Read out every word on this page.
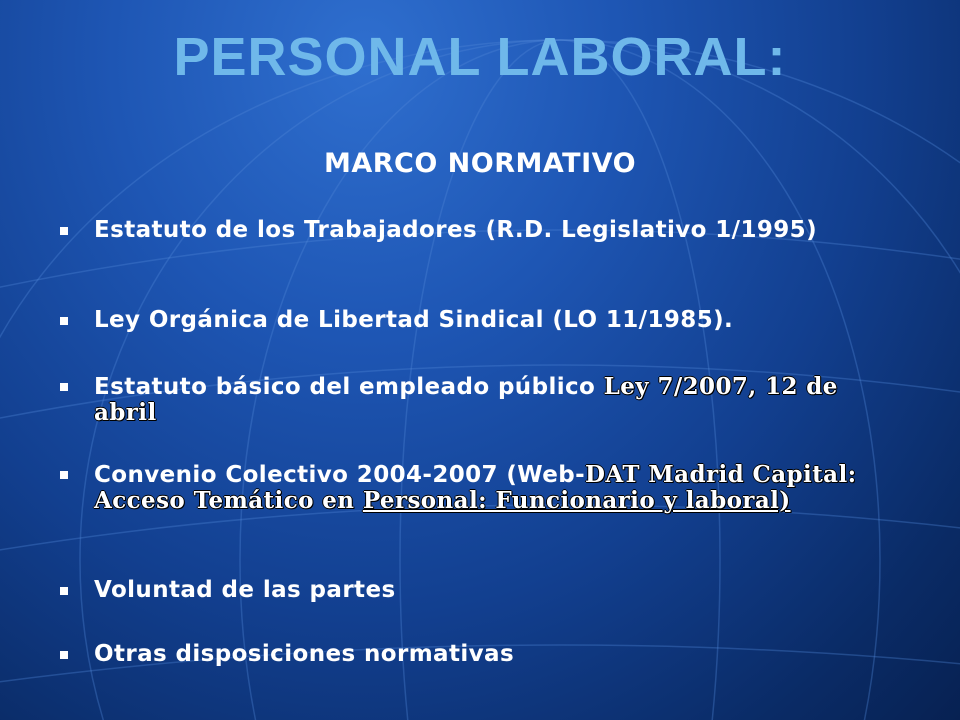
PERSONAL LABORAL:
MARCO NORMATIVO
Estatuto de los Trabajadores (R.D. Legislativo 1/1995)
Ley Orgánica de Libertad Sindical (LO 11/1985).
Estatuto básico del empleado público Ley 7/2007, 12 de abril
Convenio Colectivo 2004-2007 (Web-DAT Madrid Capital: Acceso Temático en Personal: Funcionario y laboral)
Voluntad de las partes
Otras disposiciones normativas
